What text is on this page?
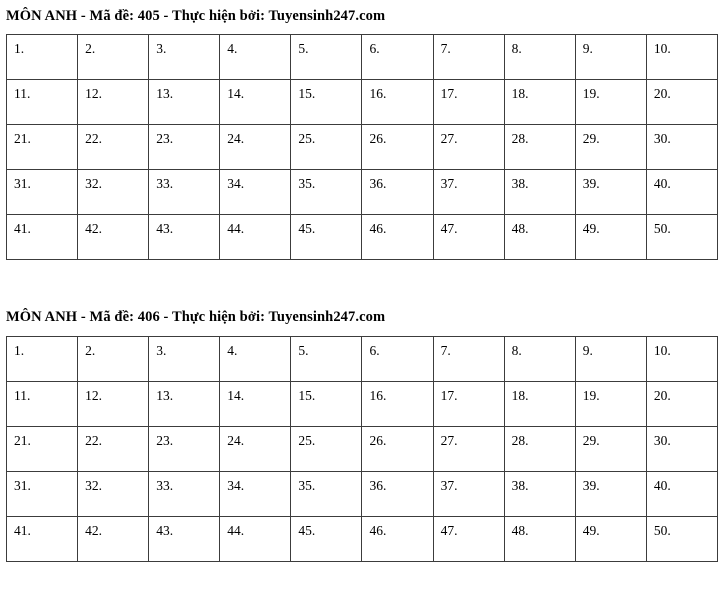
MÔN ANH - Mã đề: 405 - Thực hiện bởi: Tuyensinh247.com
1.	2.	3.	4.	5.	6.	7.	8.	9.	10.
11.	12.	13.	14.	15.	16.	17.	18.	19.	20.
21.	22.	23.	24.	25.	26.	27.	28.	29.	30.
31.	32.	33.	34.	35.	36.	37.	38.	39.	40.
41.	42.	43.	44.	45.	46.	47.	48.	49.	50.
MÔN ANH - Mã đề: 406 - Thực hiện bởi: Tuyensinh247.com
1.	2.	3.	4.	5.	6.	7.	8.	9.	10.
11.	12.	13.	14.	15.	16.	17.	18.	19.	20.
21.	22.	23.	24.	25.	26.	27.	28.	29.	30.
31.	32.	33.	34.	35.	36.	37.	38.	39.	40.
41.	42.	43.	44.	45.	46.	47.	48.	49.	50.
